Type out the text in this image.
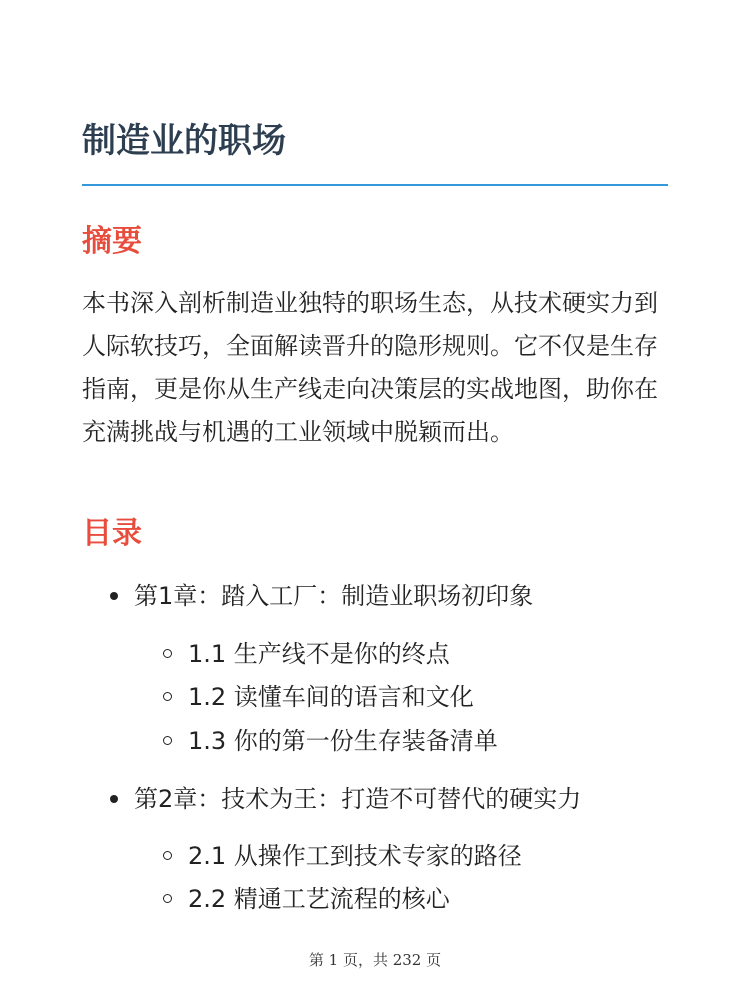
制造业的职场
摘要

本书深入剖析制造业独特的职场生态，从技术硬实力到人际软技巧，全面解读晋升的隐形规则。它不仅是生存指南，更是你从生产线走向决策层的实战地图，助你在充满挑战与机遇的工业领域中脱颖而出。

目录
第1章：踏入工厂：制造业职场初印象
1.1 生产线不是你的终点
1.2 读懂车间的语言和文化
1.3 你的第一份生存装备清单
第2章：技术为王：打造不可替代的硬实力
2.1 从操作工到技术专家的路径
2.2 精通工艺流程的核心
第 1 页，共 232 页
